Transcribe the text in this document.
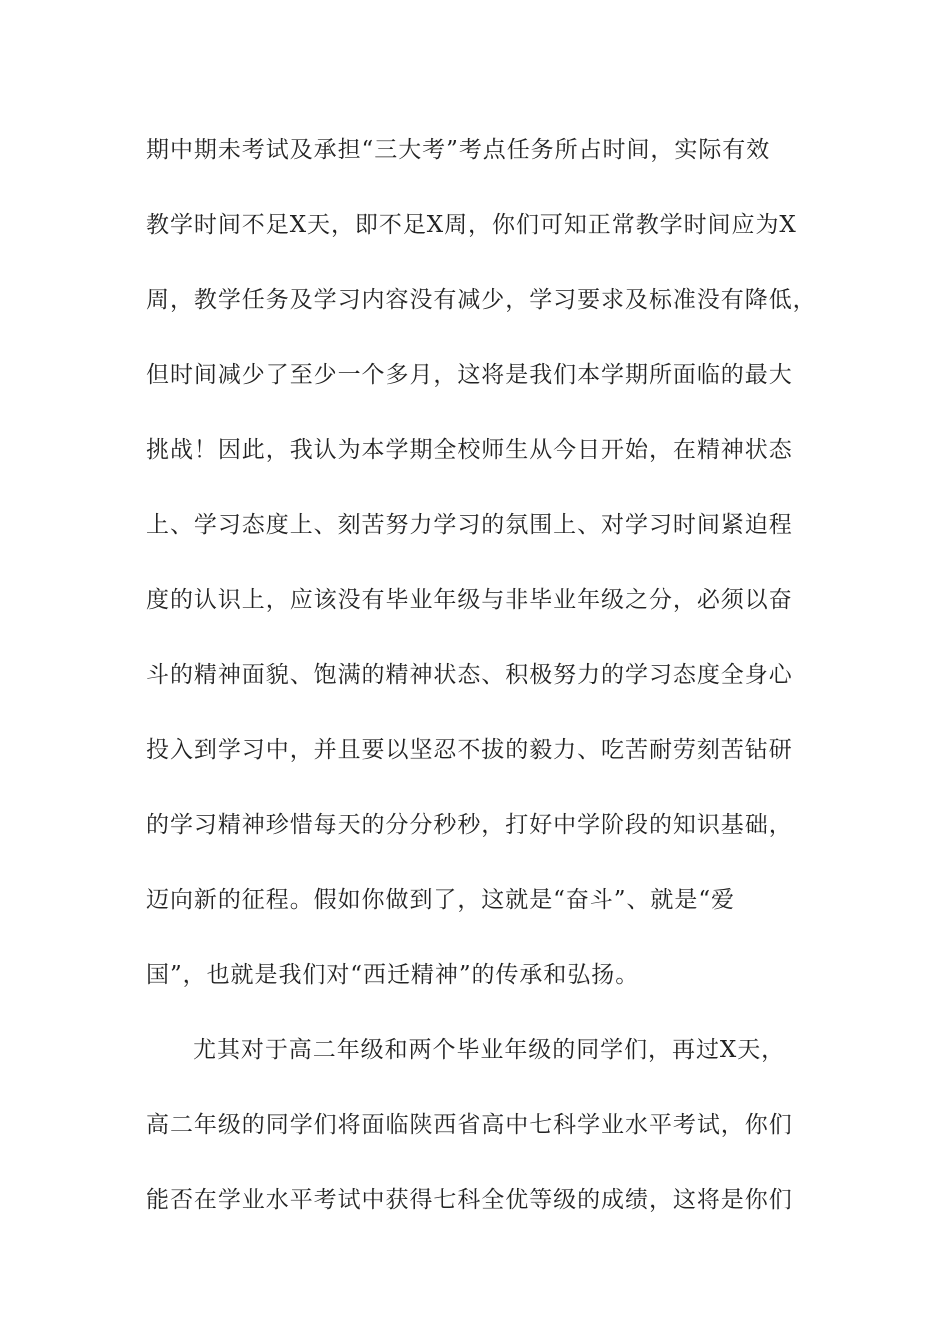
期中期未考试及承担“三大考”考点任务所占时间，实际有效
教学时间不足X天，即不足X周，你们可知正常教学时间应为X
周，教学任务及学习内容没有减少，学习要求及标准没有降低，
但时间减少了至少一个多月，这将是我们本学期所面临的最大
挑战！因此，我认为本学期全校师生从今日开始，在精神状态
上、学习态度上、刻苦努力学习的氛围上、对学习时间紧迫程
度的认识上，应该没有毕业年级与非毕业年级之分，必须以奋
斗的精神面貌、饱满的精神状态、积极努力的学习态度全身心
投入到学习中，并且要以坚忍不拔的毅力、吃苦耐劳刻苦钻研
的学习精神珍惜每天的分分秒秒，打好中学阶段的知识基础，
迈向新的征程。假如你做到了，这就是“奋斗”、就是“爱
国”，也就是我们对“西迁精神”的传承和弘扬。
尤其对于高二年级和两个毕业年级的同学们，再过X天，
高二年级的同学们将面临陕西省高中七科学业水平考试，你们
能否在学业水平考试中获得七科全优等级的成绩，这将是你们
